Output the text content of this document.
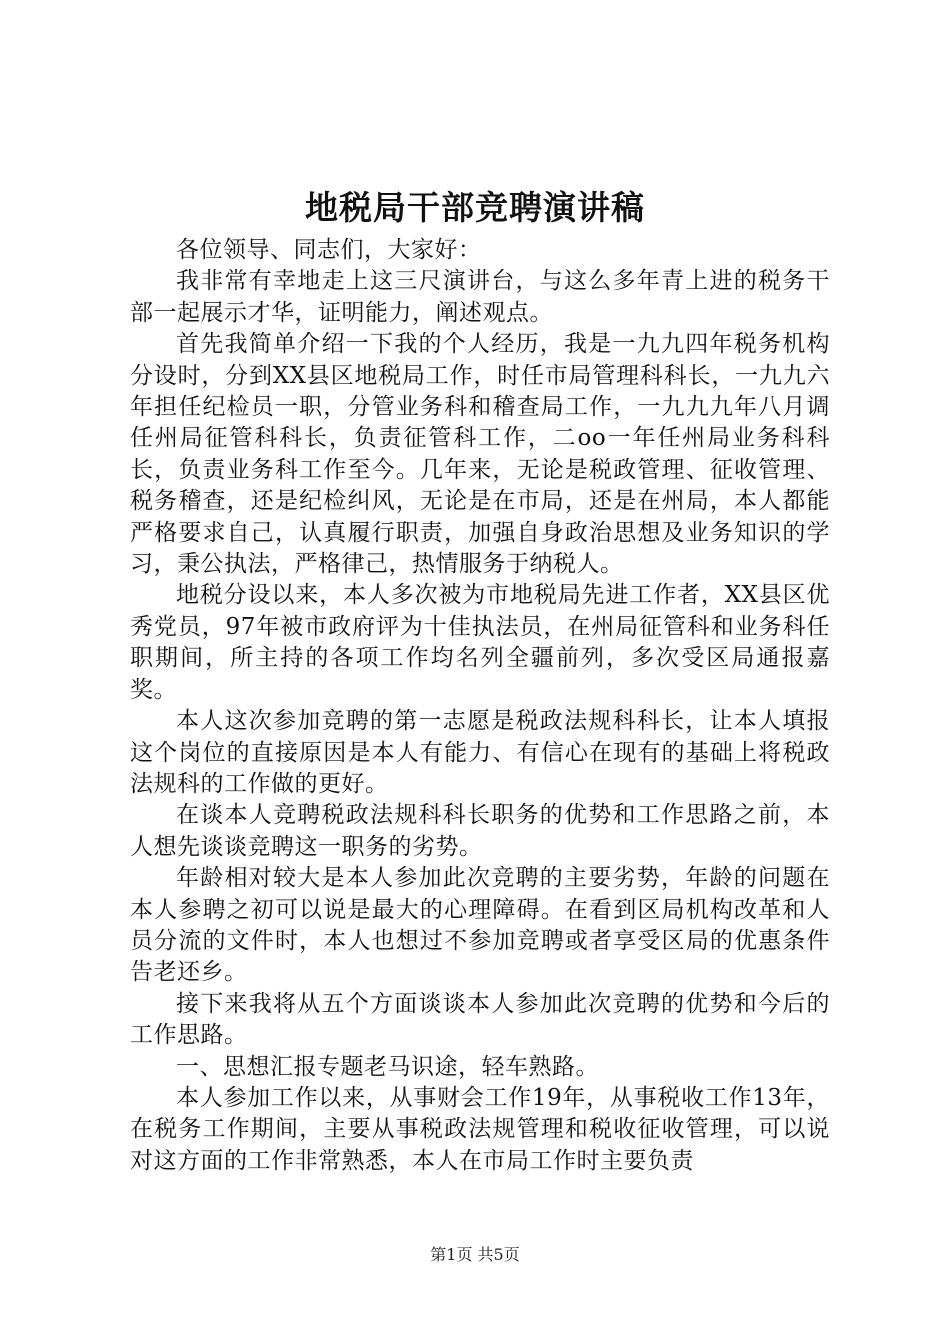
地税局干部竞聘演讲稿

各位领导、同志们，大家好：

我非常有幸地走上这三尺演讲台，与这么多年青上进的税务干部一起展示才华，证明能力，阐述观点。

首先我简单介绍一下我的个人经历，我是一九九四年税务机构分设时，分到XX县区地税局工作，时任市局管理科科长，一九九六年担任纪检员一职，分管业务科和稽查局工作，一九九九年八月调任州局征管科科长，负责征管科工作，二oo一年任州局业务科科长，负责业务科工作至今。几年来，无论是税政管理、征收管理、税务稽查，还是纪检纠风，无论是在市局，还是在州局，本人都能严格要求自己，认真履行职责，加强自身政治思想及业务知识的学习，秉公执法，严格律己，热情服务于纳税人。

地税分设以来，本人多次被为市地税局先进工作者，XX县区优秀党员，97年被市政府评为十佳执法员，在州局征管科和业务科任职期间，所主持的各项工作均名列全疆前列，多次受区局通报嘉奖。

本人这次参加竞聘的第一志愿是税政法规科科长，让本人填报这个岗位的直接原因是本人有能力、有信心在现有的基础上将税政法规科的工作做的更好。

在谈本人竞聘税政法规科科长职务的优势和工作思路之前，本人想先谈谈竞聘这一职务的劣势。

年龄相对较大是本人参加此次竞聘的主要劣势，年龄的问题在本人参聘之初可以说是最大的心理障碍。在看到区局机构改革和人员分流的文件时，本人也想过不参加竞聘或者享受区局的优惠条件告老还乡。

接下来我将从五个方面谈谈本人参加此次竞聘的优势和今后的工作思路。

一、思想汇报专题老马识途，轻车熟路。

本人参加工作以来，从事财会工作19年，从事税收工作13年，在税务工作期间，主要从事税政法规管理和税收征收管理，可以说对这方面的工作非常熟悉，本人在市局工作时主要负责

第1页 共5页
